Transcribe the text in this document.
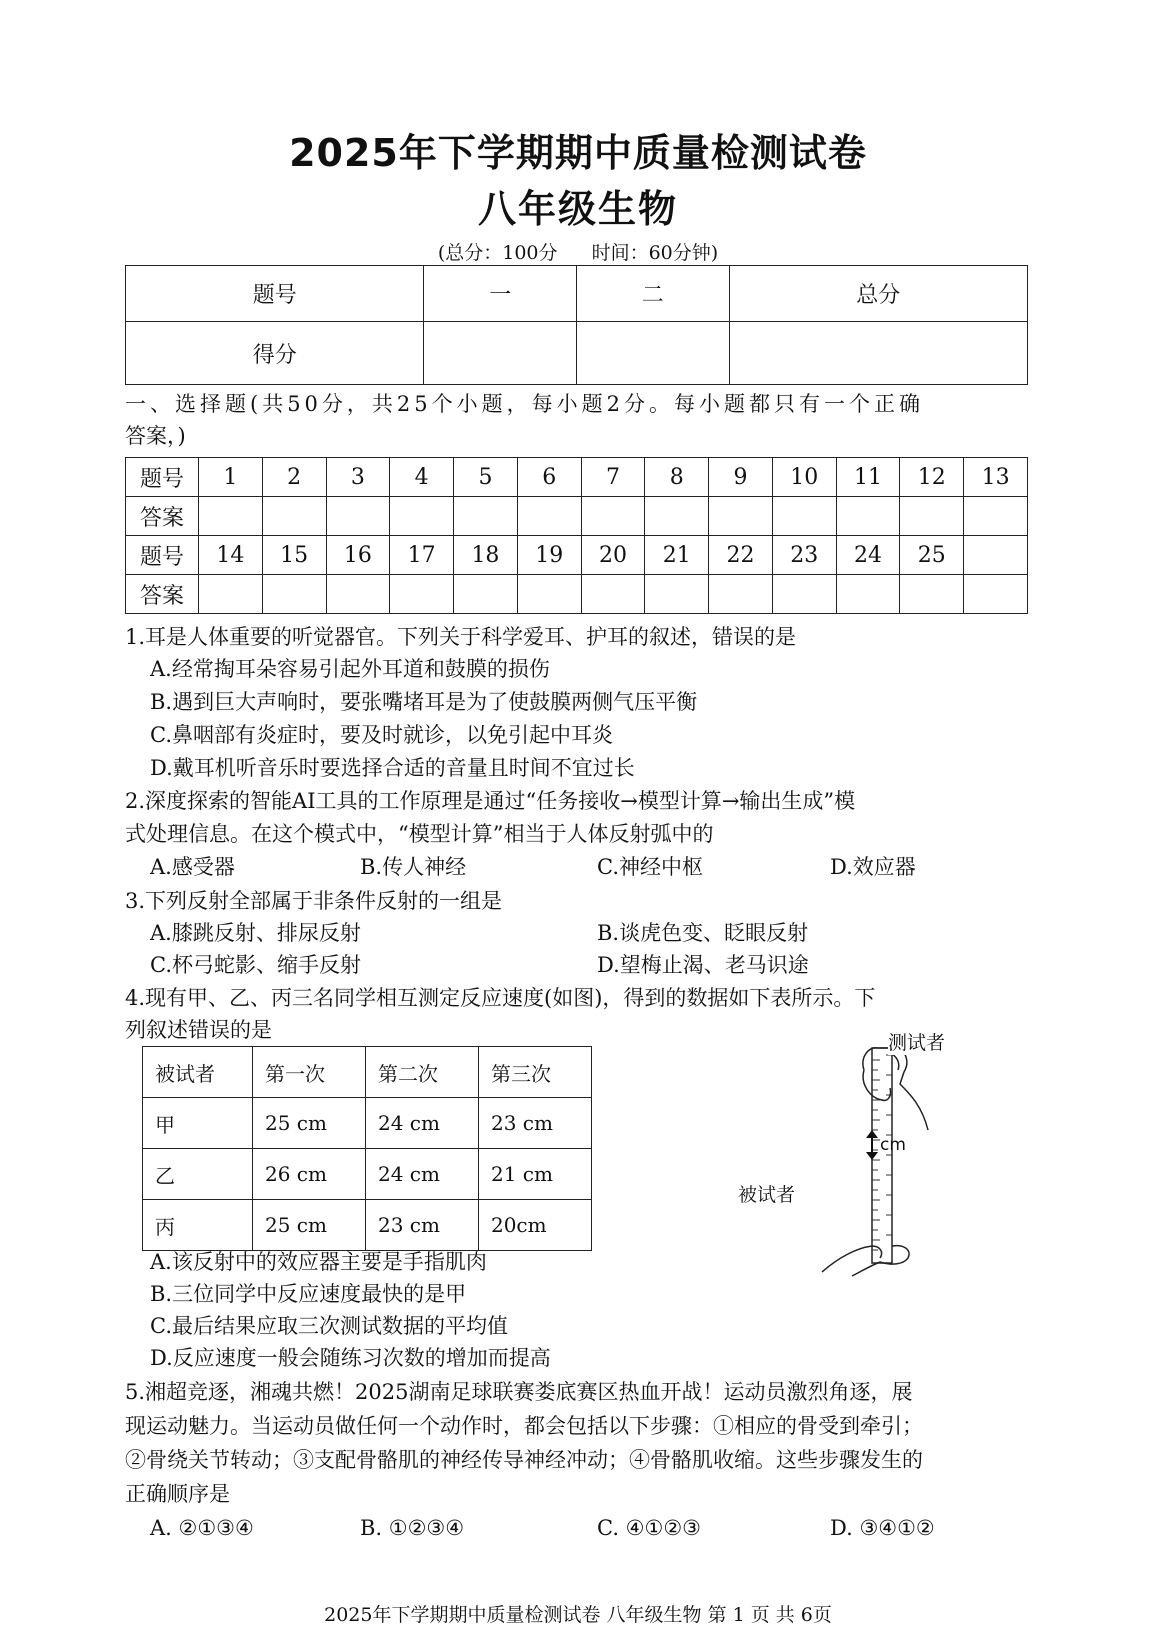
2025年下学期期中质量检测试卷
八年级生物
(总分：100分 时间：60分钟)
题号	一	二	总分
得分			
一、选择题(共50分，共25个小题，每小题2分。每小题都只有一个正确
答案，)
题号	1	2	3	4	5	6	7	8	9	10	11	12	13
答案													
题号	14	15	16	17	18	19	20	21	22	23	24	25	
答案													
1.耳是人体重要的听觉器官。下列关于科学爱耳、护耳的叙述，错误的是
A.经常掏耳朵容易引起外耳道和鼓膜的损伤
B.遇到巨大声响时，要张嘴堵耳是为了使鼓膜两侧气压平衡
C.鼻咽部有炎症时，要及时就诊，以免引起中耳炎
D.戴耳机听音乐时要选择合适的音量且时间不宜过长
2.深度探索的智能AI工具的工作原理是通过“任务接收→模型计算→输出生成”模
式处理信息。在这个模式中，“模型计算”相当于人体反射弧中的
A.感受器	B.传人神经	C.神经中枢	D.效应器
3.下列反射全部属于非条件反射的一组是
A.膝跳反射、排尿反射	B.谈虎色变、眨眼反射
C.杯弓蛇影、缩手反射	D.望梅止渴、老马识途
4.现有甲、乙、丙三名同学相互测定反应速度(如图)，得到的数据如下表所示。下
列叙述错误的是
被试者	第一次	第二次	第三次
甲	25 cm	24 cm	23 cm
乙	26 cm	24 cm	21 cm
丙	25 cm	23 cm	20cm
测试者
cm
被试者
A.该反射中的效应器主要是手指肌肉
B.三位同学中反应速度最快的是甲
C.最后结果应取三次测试数据的平均值
D.反应速度一般会随练习次数的增加而提高
5.湘超竞逐，湘魂共燃！2025湖南足球联赛娄底赛区热血开战！运动员激烈角逐，展
现运动魅力。当运动员做任何一个动作时，都会包括以下步骤：①相应的骨受到牵引；
②骨绕关节转动；③支配骨骼肌的神经传导神经冲动；④骨骼肌收缩。这些步骤发生的
正确顺序是
A. ②①③④	B. ①②③④	C. ④①②③	D. ③④①②
2025年下学期期中质量检测试卷 八年级生物 第 1 页 共 6页
